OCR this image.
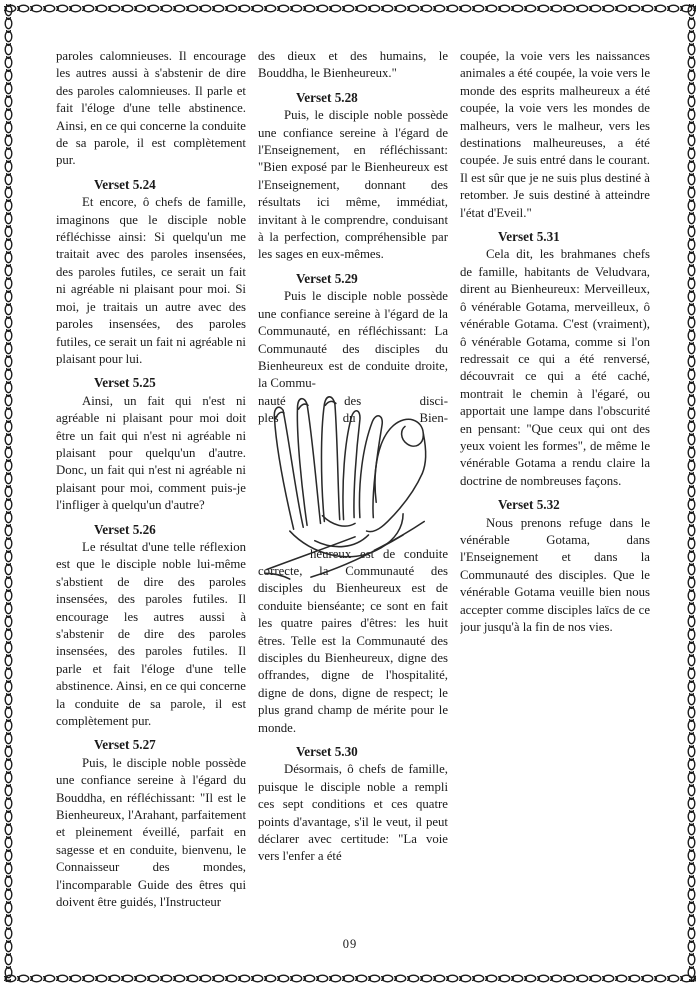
paroles calomnieuses. Il encourage les autres aussi à s'abstenir de dire des paroles calomnieuses. Il parle et fait l'éloge d'une telle abstinence. Ainsi, en ce qui concerne la conduite de sa parole, il est complètement pur.

Verset 5.24

Et encore, ô chefs de famille, imaginons que le disciple noble réfléchisse ainsi: Si quelqu'un me traitait avec des paroles insensées, des paroles futiles, ce serait un fait ni agréable ni plaisant pour moi. Si moi, je traitais un autre avec des paroles insensées, des paroles futiles, ce serait un fait ni agréable ni plaisant pour lui.

Verset 5.25

Ainsi, un fait qui n'est ni agréable ni plaisant pour moi doit être un fait qui n'est ni agréable ni plaisant pour quelqu'un d'autre. Donc, un fait qui n'est ni agréable ni plaisant pour moi, comment puis-je l'infliger à quelqu'un d'autre?

Verset 5.26

Le résultat d'une telle réflexion est que le disciple noble lui-même s'abstient de dire des paroles insensées, des paroles futiles. Il encourage les autres aussi à s'abstenir de dire des paroles insensées, des paroles futiles. Il parle et fait l'éloge d'une telle abstinence. Ainsi, en ce qui concerne la conduite de sa parole, il est complètement pur.

Verset 5.27

Puis, le disciple noble possède une confiance sereine à l'égard du Bouddha, en réfléchissant: "Il est le Bienheureux, l'Arahant, parfaitement et pleinement éveillé, parfait en sagesse et en conduite, bienvenu, le Connaisseur des mondes, l'incomparable Guide des êtres qui doivent être guidés, l'Instructeur

des dieux et des humains, le Bouddha, le Bienheureux."

Verset 5.28

Puis, le disciple noble possède une confiance sereine à l'égard de l'Enseignement, en réfléchissant: "Bien exposé par le Bienheureux est l'Enseignement, donnant des résultats ici même, immédiat, invitant à le comprendre, conduisant à la perfection, compréhensible par les sages en eux-mêmes.

Verset 5.29

Puis le disciple noble possède une confiance sereine à l'égard de la Communauté, en réfléchissant: La Communauté des disciples du Bienheureux est de conduite droite, la Commu-

nauté	des	disci-
ples	du	Bien-

heureux est de conduite correcte, la Communauté des disciples du Bienheureux est de conduite bienséante; ce sont en fait les quatre paires d'êtres: les huit êtres. Telle est la Communauté des disciples du Bienheureux, digne des offrandes, digne de l'hospitalité, digne de dons, digne de respect; le plus grand champ de mérite pour le monde.

Verset 5.30

Désormais, ô chefs de famille, puisque le disciple noble a rempli ces sept conditions et ces quatre points d'avantage, s'il le veut, il peut déclarer avec certitude: "La voie vers l'enfer a été

coupée, la voie vers les naissances animales a été coupée, la voie vers le monde des esprits malheureux a été coupée, la voie vers les mondes de malheurs, vers le malheur, vers les destinations malheureuses, a été coupée. Je suis entré dans le courant. Il est sûr que je ne suis plus destiné à retomber. Je suis destiné à atteindre l'état d'Eveil."

Verset 5.31

Cela dit, les brahmanes chefs de famille, habitants de Veludvara, dirent au Bienheureux: Merveilleux, ô vénérable Gotama, merveilleux, ô vénérable Gotama. C'est (vraiment), ô vénérable Gotama, comme si l'on redressait ce qui a été renversé, découvrait ce qui a été caché, montrait le chemin à l'égaré, ou apportait une lampe dans l'obscurité en pensant: "Que ceux qui ont des yeux voient les formes", de même le vénérable Gotama a rendu claire la doctrine de nombreuses façons.

Verset 5.32

Nous prenons refuge dans le vénérable Gotama, dans l'Enseignement et dans la Communauté des disciples. Que le vénérable Gotama veuille bien nous accepter comme disciples laïcs de ce jour jusqu'à la fin de nos vies.

09
